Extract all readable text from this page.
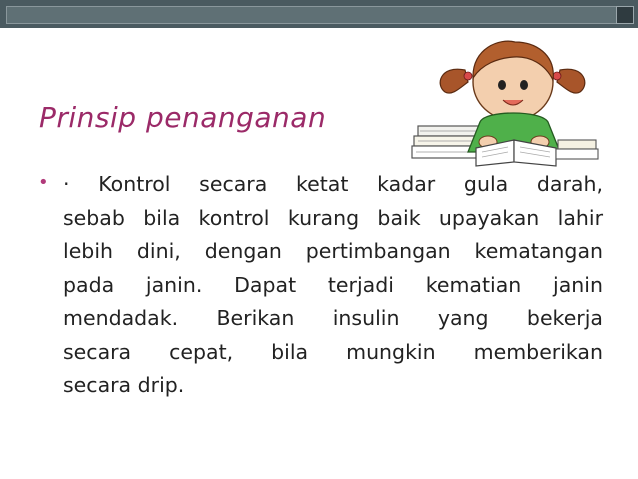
Prinsip penanganan
• · Kontrol secara ketat kadar gula darah,
sebab bila kontrol kurang baik upayakan lahir
lebih dini, dengan pertimbangan kematangan
pada janin. Dapat terjadi kematian janin
mendadak. Berikan insulin yang bekerja
secara cepat, bila mungkin memberikan
secara drip.
